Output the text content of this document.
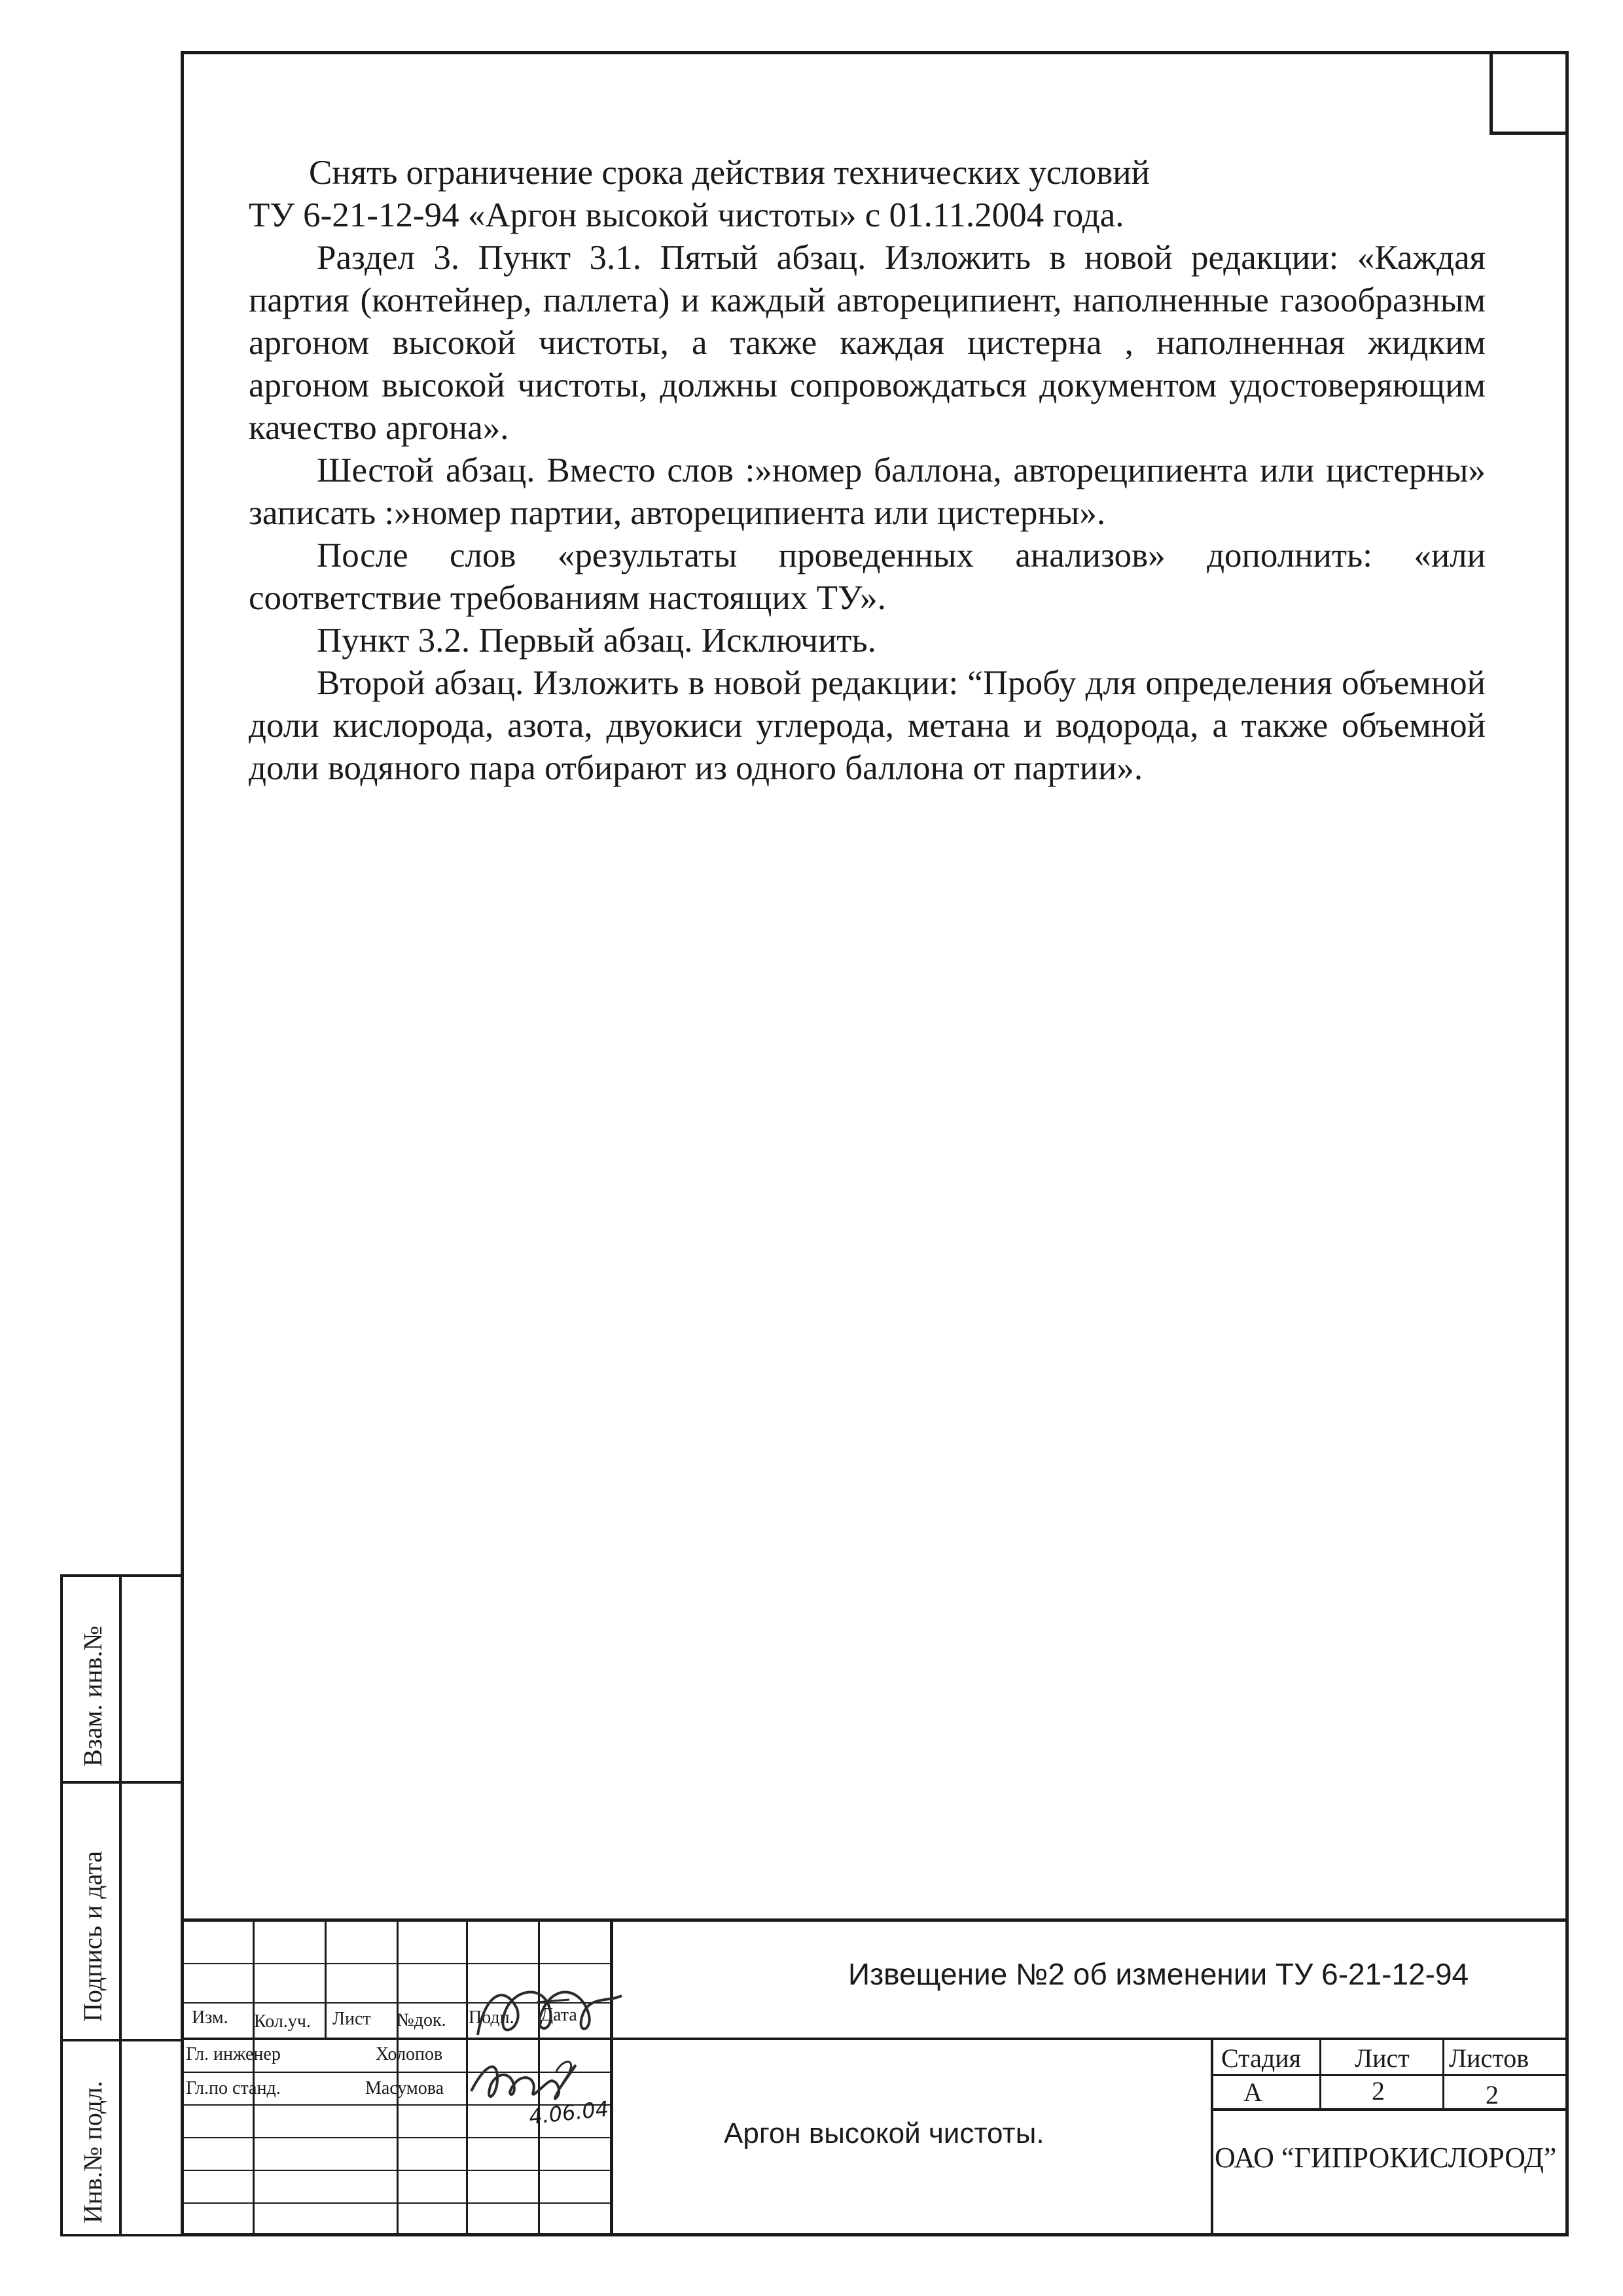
Снять ограничение срока действия технических условий

ТУ 6-21-12-94 «Аргон высокой чистоты» с 01.11.2004 года.

Раздел 3. Пункт 3.1. Пятый абзац. Изложить в новой редакции: «Каждая партия (контейнер, паллета) и каждый автореципиент, наполненные газообразным аргоном высокой чистоты, а также каждая цистерна , наполненная жидким аргоном высокой чистоты, должны сопровождаться документом удостоверяющим качество аргона».

Шестой абзац. Вместо слов :»номер баллона, автореципиента или цистерны» записать :»номер партии, автореципиента или цистерны».

После слов «результаты проведенных анализов» дополнить: «или соответствие требованиям настоящих ТУ».

Пункт 3.2. Первый абзац. Исключить.

Второй абзац. Изложить в новой редакции: “Пробу для определения объемной доли кислорода, азота, двуокиси углерода, метана и водорода, а также объемной доли водяного пара отбирают из одного баллона от партии».

Взам. инв.№
Подпись и дата
Инв.№ подл.
Извещение №2 об изменении ТУ 6-21-12-94
Изм. Кол.уч. Лист №док. Подп. Дата
Гл. инженер	Холопов
Гл.по станд.	Масумова
4.06.04
Аргон высокой чистоты.
Стадия Лист Листов
А	2	2
ОАО “ГИПРОКИСЛОРОД”
